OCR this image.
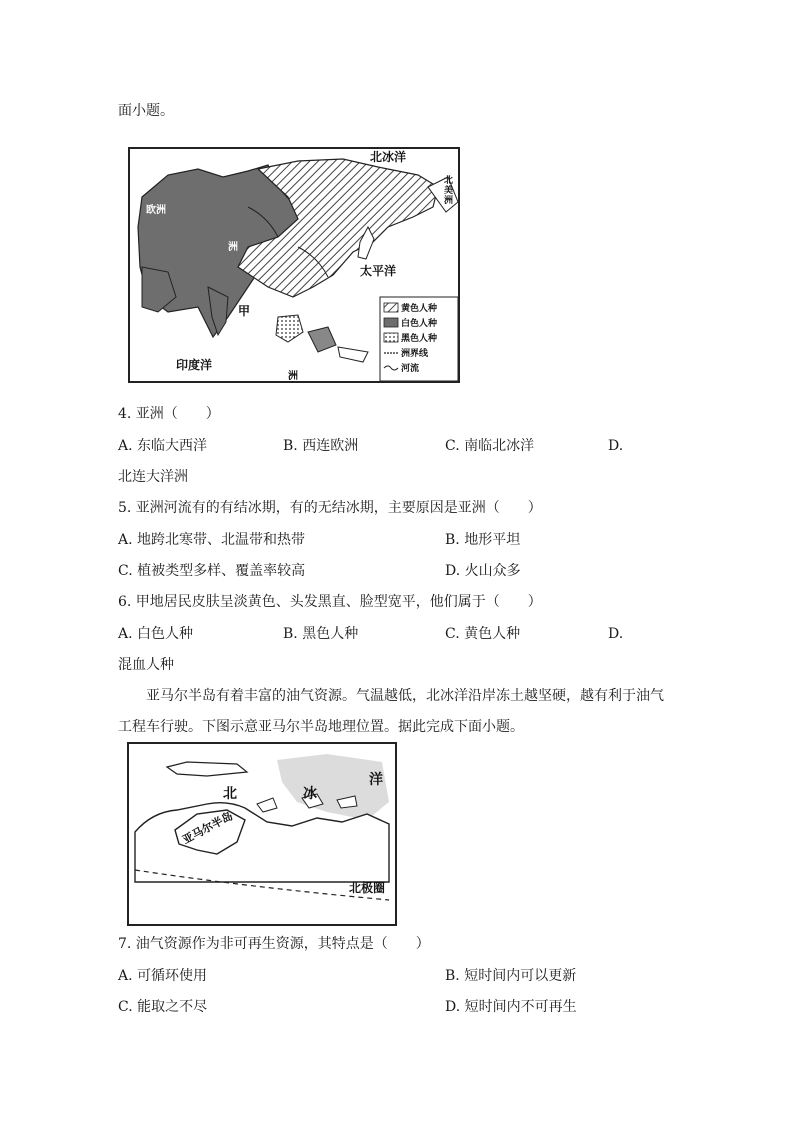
面小题。
北冰洋
欧洲
洲
北
美
洲
太平洋
甲
洲
印度洋
黄色人种
白色人种
黑色人种
洲界线
河流
4. 亚洲（　　）
A. 东临大西洋	B. 西连欧洲	C. 南临北冰洋	D.
北连大洋洲
5. 亚洲河流有的有结冰期，有的无结冰期，主要原因是亚洲（　　）
A. 地跨北寒带、北温带和热带	B. 地形平坦
C. 植被类型多样、覆盖率较高	D. 火山众多
6. 甲地居民皮肤呈淡黄色、头发黑直、脸型宽平，他们属于（　　）
A. 白色人种	B. 黑色人种	C. 黄色人种	D.
混血人种
亚马尔半岛有着丰富的油气资源。气温越低，北冰洋沿岸冻土越坚硬，越有利于油气
工程车行驶。下图示意亚马尔半岛地理位置。据此完成下面小题。
北	冰
洋
亚马尔半岛
北极圈
7. 油气资源作为非可再生资源，其特点是（　　）
A. 可循环使用	B. 短时间内可以更新
C. 能取之不尽	D. 短时间内不可再生
